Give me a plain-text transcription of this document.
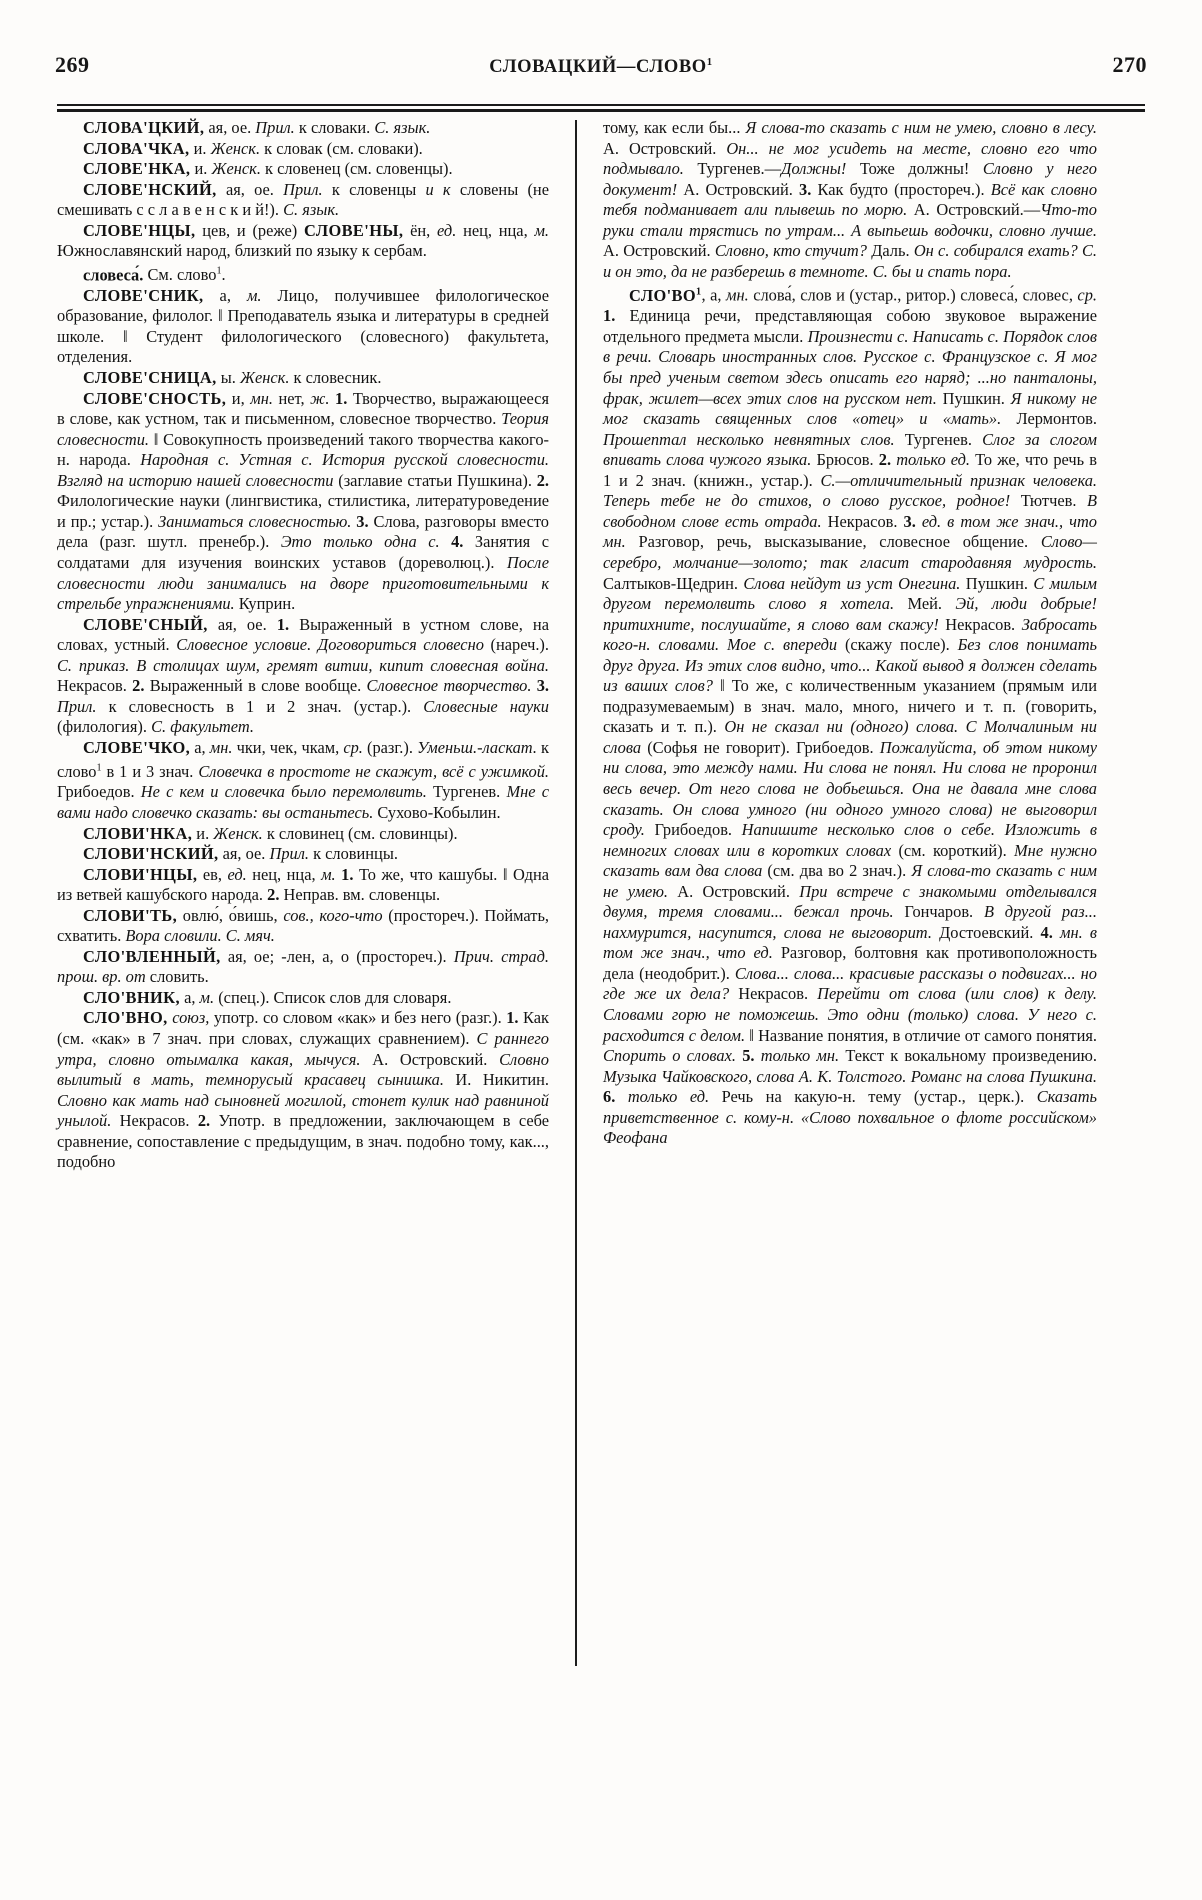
269	СЛОВАЦКИЙ—СЛОВО$^1$	270

СЛОВА'ЦКИЙ, ая, ое. Прил. к словаки. С. язык.

СЛОВА'ЧКА, и. Женск. к словак (см. словаки).

СЛОВЕ'НКА, и. Женск. к словенец (см. словенцы).

СЛОВЕ'НСКИЙ, ая, ое. Прил. к словенцы и к словены (не смешивать с с л а в е н с к и й!). С. язык.

СЛОВЕ'НЦЫ, цев, и (реже) СЛОВЕ'НЫ, ён, ед. нец, нца, м. Южнославянский народ, близкий по языку к сербам.

словеса́. См. слово$^1$.

СЛОВЕ'СНИК, а, м. Лицо, получившее филологическое образование, филолог. ‖ Преподаватель языка и литературы в средней школе. ‖ Студент филологического (словесного) факультета, отделения.

СЛОВЕ'СНИЦА, ы. Женск. к словесник.

СЛОВЕ'СНОСТЬ, и, мн. нет, ж. 1. Творчество, выражающееся в слове, как устном, так и письменном, словесное творчество. Теория словесности. ‖ Совокупность произведений такого творчества какого-н. народа. Народная с. Устная с. История русской словесности. Взгляд на историю нашей словесности (заглавие статьи Пушкина). 2. Филологические науки (лингвистика, стилистика, литературоведение и пр.; устар.). Заниматься словесностью. 3. Слова, разговоры вместо дела (разг. шутл. пренебр.). Это только одна с. 4. Занятия с солдатами для изучения воинских уставов (дореволюц.). После словесности люди занимались на дворе приготовительными к стрельбе упражнениями. Куприн.

СЛОВЕ'СНЫЙ, ая, ое. 1. Выраженный в устном слове, на словах, устный. Словесное условие. Договориться словесно (нареч.). С. приказ. В столицах шум, гремят витии, кипит словесная война. Некрасов. 2. Выраженный в слове вообще. Словесное творчество. 3. Прил. к словесность в 1 и 2 знач. (устар.). Словесные науки (филология). С. факультет.

СЛОВЕ'ЧКО, а, мн. чки, чек, чкам, ср. (разг.). Уменьш.-ласкат. к слово$^1$ в 1 и 3 знач. Словечка в простоте не скажут, всё с ужимкой. Грибоедов. Не с кем и словечка было перемолвить. Тургенев. Мне с вами надо словечко сказать: вы останьтесь. Сухово-Кобылин.

СЛОВИ'НКА, и. Женск. к словинец (см. словинцы).

СЛОВИ'НСКИЙ, ая, ое. Прил. к словинцы.

СЛОВИ'НЦЫ, ев, ед. нец, нца, м. 1. То же, что кашубы. ‖ Одна из ветвей кашубского народа. 2. Неправ. вм. словенцы.

СЛОВИ'ТЬ, овлю́, ‎о́вишь, сов., кого-что (простореч.). Поймать, схватить. Вора словили. С. мяч.

СЛО'ВЛЕННЫЙ, ая, ое; -лен, а, о (простореч.). Прич. страд. прош. вр. от словить.

СЛО'ВНИК, а, м. (спец.). Список слов для словаря.

СЛО'ВНО, союз, употр. со словом «как» и без него (разг.). 1. Как (см. «как» в 7 знач. при словах, служащих сравнением). С раннего утра, словно отымалка какая, мычуся. А. Островский. Словно вылитый в мать, темнорусый красавец сынишка. И. Никитин. Словно как мать над сыновней могилой, стонет кулик над равниной унылой. Некрасов. 2. Употр. в предложении, заключающем в себе сравнение, сопоставление с предыдущим, в знач. подобно тому, как..., подобно

тому, как если бы... Я слова-то сказать с ним не умею, словно в лесу. А. Островский. Он... не мог усидеть на месте, словно его что подмывало. Тургенев.—Должны! Тоже должны! Словно у него документ! А. Островский. 3. Как будто (простореч.). Всё как словно тебя подманивает али плывешь по морю. А. Островский.—Что-то руки стали трястись по утрам... А выпьешь водочки, словно лучше. А. Островский. Словно, кто стучит? Даль. Он с. собирался ехать? С. и он это, да не разберешь в темноте. С. бы и спать пора.

$СЛО'ВО^1$, а, мн. слова́, слов и (устар., ритор.) словеса́, словес, ср. 1. Единица речи, представляющая собою звуковое выражение отдельного предмета мысли. Произнести с. Написать с. Порядок слов в речи. Словарь иностранных слов. Русское с. Французское с. Я мог бы пред ученым светом здесь описать его наряд; ...но панталоны, фрак, жилет—всех этих слов на русском нет. Пушкин. Я никому не мог сказать священных слов «отец» и «мать». Лермонтов. Прошептал несколько невнятных слов. Тургенев. Слог за слогом впивать слова чужого языка. Брюсов. 2. только ед. То же, что речь в 1 и 2 знач. (книжн., устар.). С.—отличительный признак человека. Теперь тебе не до стихов, о слово русское, родное! Тютчев. В свободном слове есть отрада. Некрасов. 3. ед. в том же знач., что мн. Разговор, речь, высказывание, словесное общение. Слово—серебро, молчание—золото; так гласит стародавняя мудрость. Салтыков-Щедрин. Слова нейдут из уст Онегина. Пушкин. С милым другом перемолвить слово я хотела. Мей. Эй, люди добрые! притихните, послушайте, я слово вам скажу! Некрасов. Забросать кого-н. словами. Мое с. впереди (скажу после). Без слов понимать друг друга. Из этих слов видно, что... Какой вывод я должен сделать из ваших слов? ‖ То же, с количественным указанием (прямым или подразумеваемым) в знач. мало, много, ничего и т. п. (говорить, сказать и т. п.). Он не сказал ни (одного) слова. С Молчалиным ни слова (Софья не говорит). Грибоедов. Пожалуйста, об этом никому ни слова, это между нами. Ни слова не понял. Ни слова не проронил весь вечер. От него слова не добьешься. Она не давала мне слова сказать. Он слова умного (ни одного умного слова) не выговорил сроду. Грибоедов. Напишите несколько слов о себе. Изложить в немногих словах или в коротких словах (см. короткий). Мне нужно сказать вам два слова (см. два во 2 знач.). Я слова-то сказать с ним не умею. А. Островский. При встрече с знакомыми отделывался двумя, тремя словами... бежал прочь. Гончаров. В другой раз... нахмурится, насупится, слова не выговорит. Достоевский. 4. мн. в том же знач., что ед. Разговор, болтовня как противоположность дела (неодобрит.). Слова... слова... красивые рассказы о подвигах... но где же их дела? Некрасов. Перейти от слова (или слов) к делу. Словами горю не поможешь. Это одни (только) слова. У него с. расходится с делом. ‖ Название понятия, в отличие от самого понятия. Спорить о словах. 5. только мн. Текст к вокальному произведению. Музыка Чайковского, слова А. К. Толстого. Романс на слова Пушкина. 6. только ед. Речь на какую-н. тему (устар., церк.). Сказать приветственное с. кому-н. «Слово похвальное о флоте российском» Феофана
